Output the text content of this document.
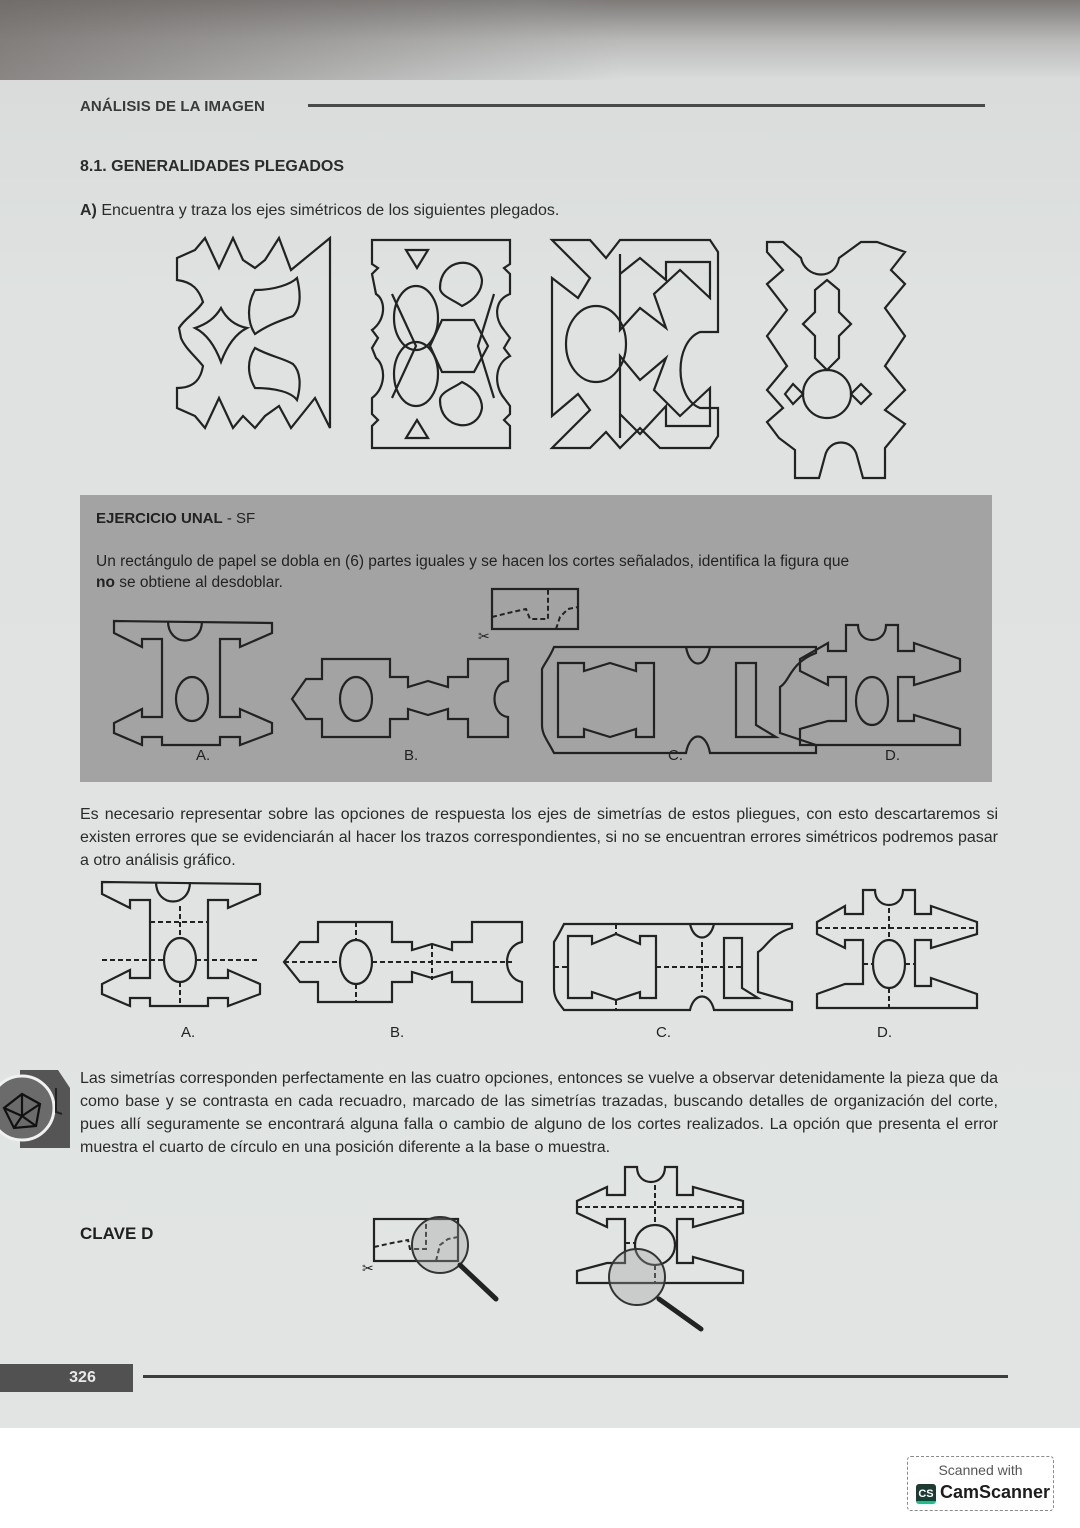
ANÁLISIS DE LA IMAGEN
8.1. GENERALIDADES PLEGADOS
A) Encuentra y traza los ejes simétricos de los siguientes plegados.
EJERCICIO UNAL - SF
Un rectángulo de papel se dobla en (6) partes iguales y se hacen los cortes señalados, identifica la figura que
no se obtiene al desdoblar.
✂
A.	B.	C.	D.
Es necesario representar sobre las opciones de respuesta los ejes de simetrías de estos pliegues, con esto descartaremos si existen errores que se evidenciarán al hacer los trazos correspondientes, si no se encuentran errores simétricos podremos pasar a otro análisis gráfico.
A.	B.	C.	D.
Las simetrías corresponden perfectamente en las cuatro opciones, entonces se vuelve a observar detenidamente la pieza que da como base y se contrasta en cada recuadro, marcado de las simetrías trazadas, buscando detalles de organización del corte, pues allí seguramente se encontrará alguna falla o cambio de alguno de los cortes realizados. La opción que presenta el error muestra el cuarto de círculo en una posición diferente a la base o muestra.
CLAVE D
✂
326
Scanned with
CS CamScanner
